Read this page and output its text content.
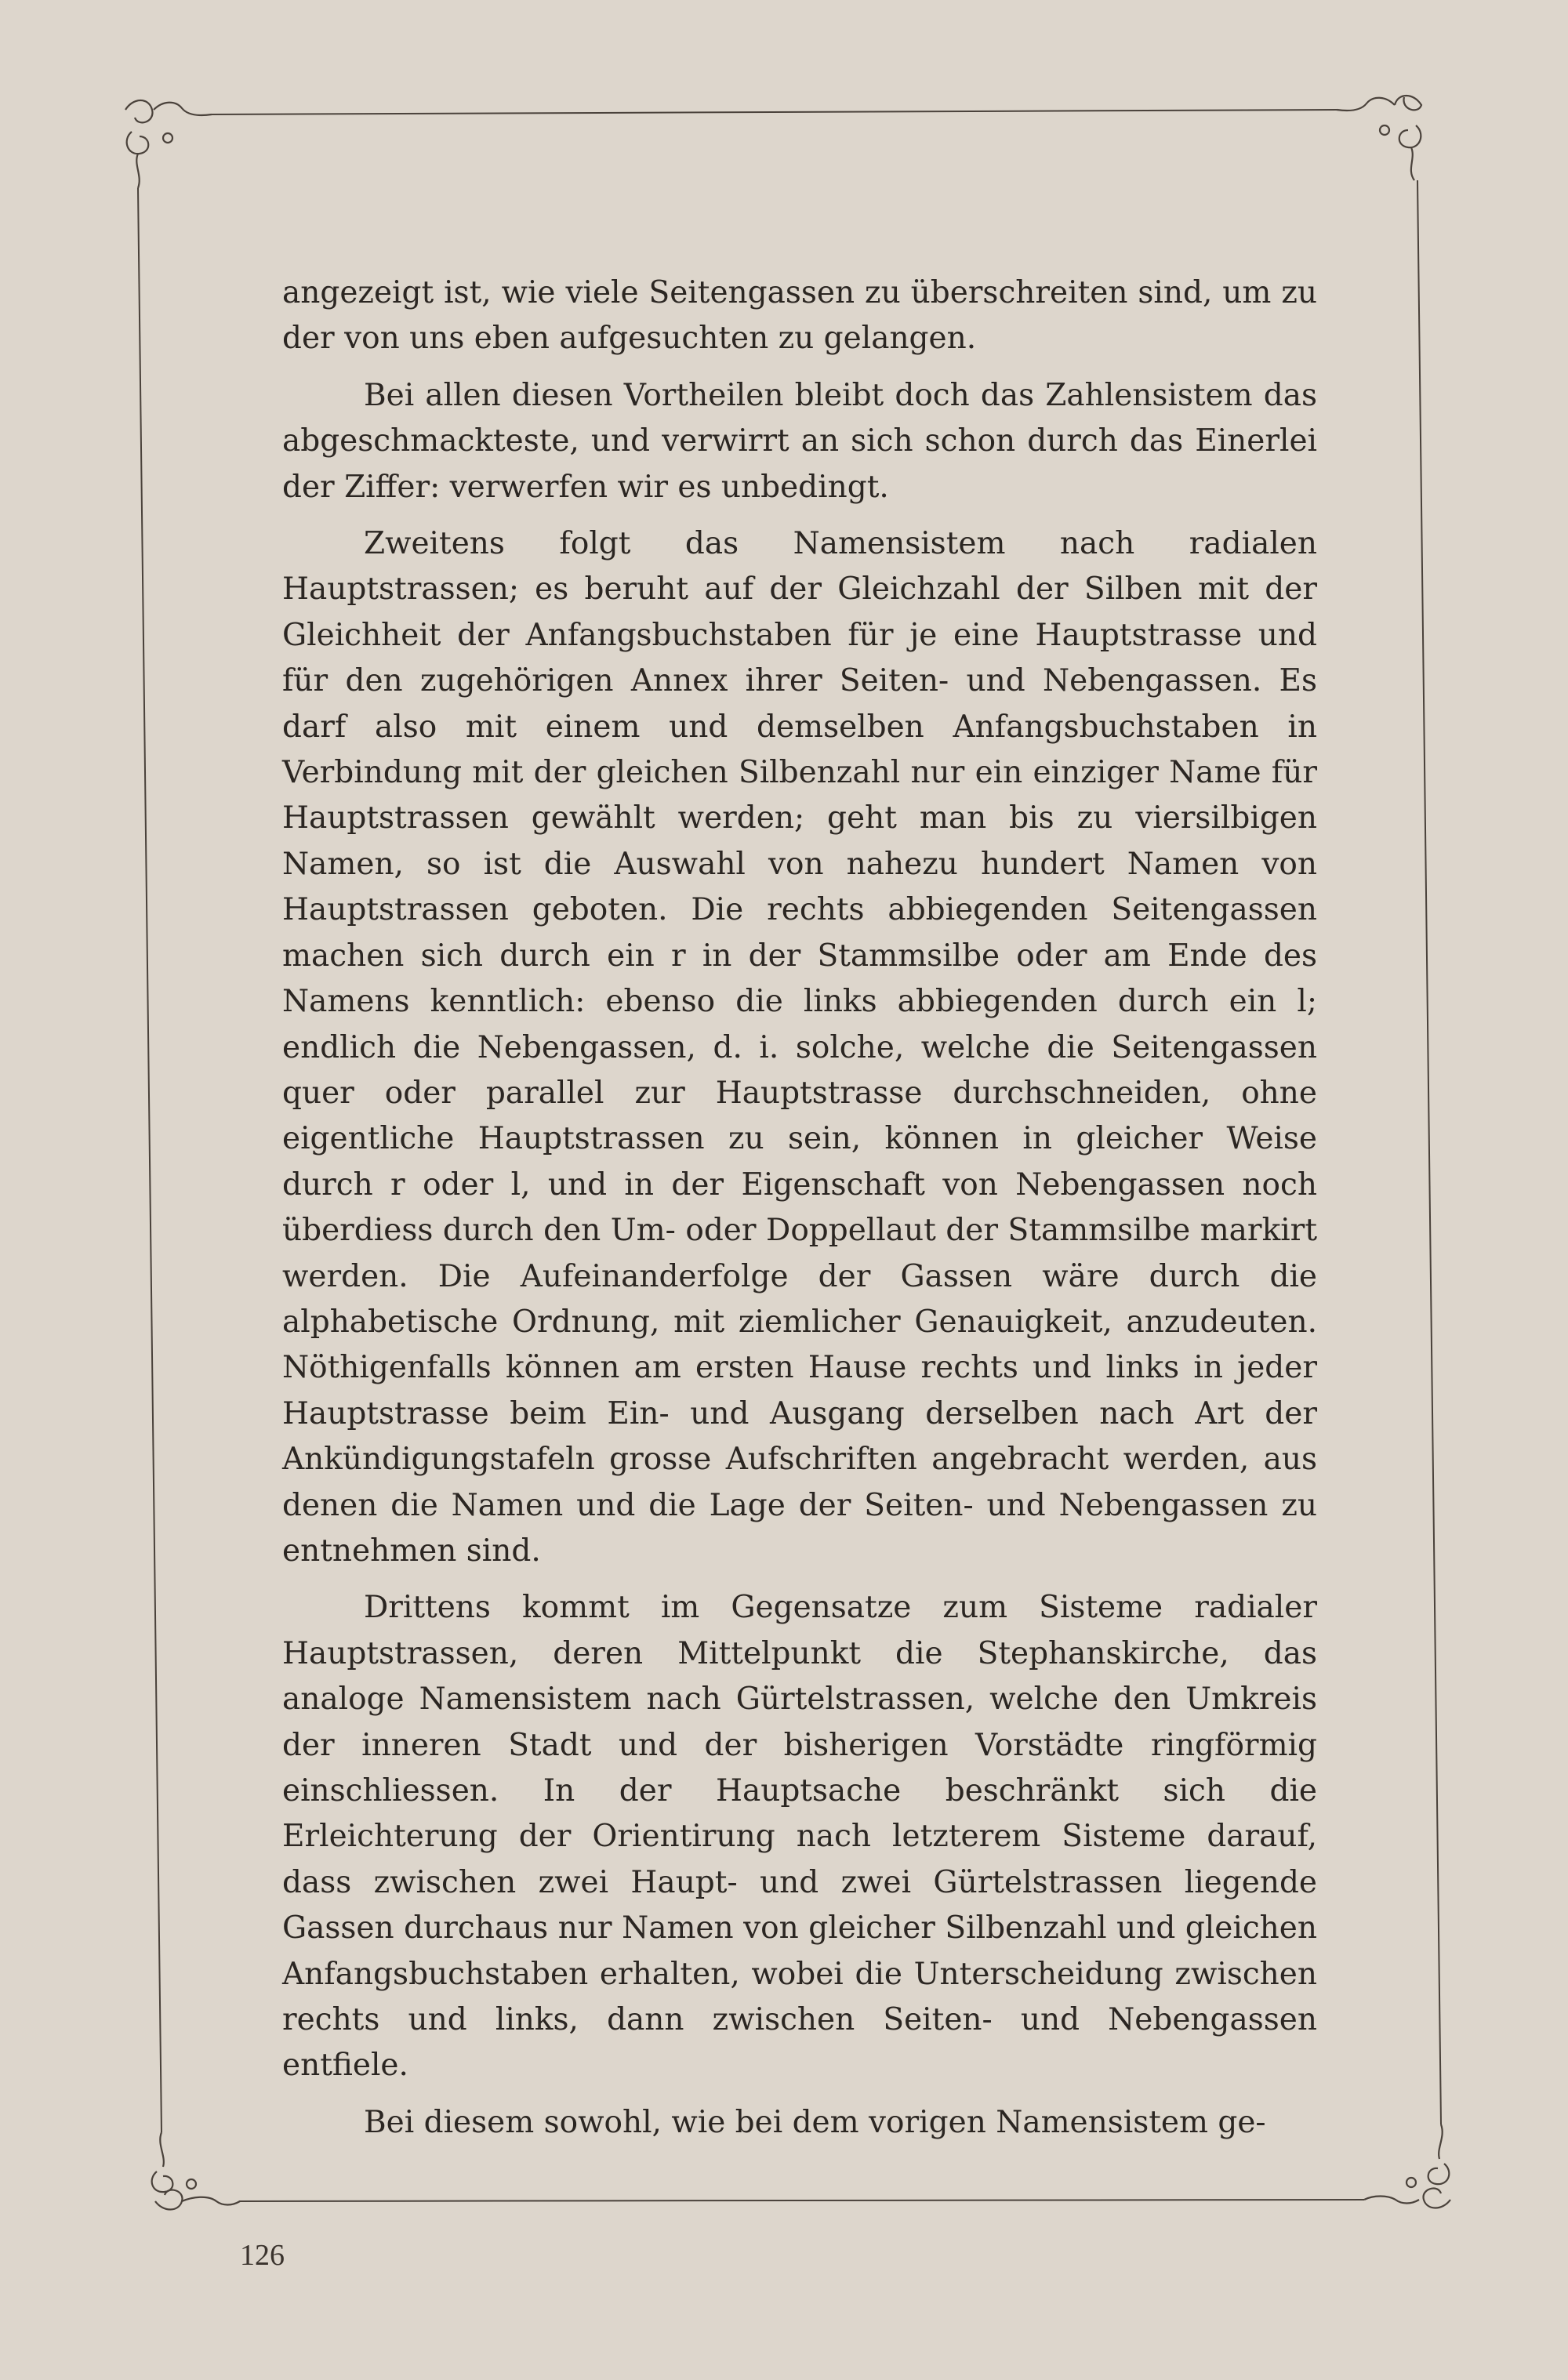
angezeigt ist, wie viele Seitengassen zu überschreiten sind, um zu der von uns eben aufgesuchten zu gelangen.

Bei allen diesen Vortheilen bleibt doch das Zahlensistem das abgeschmackteste, und verwirrt an sich schon durch das Einerlei der Ziffer: verwerfen wir es unbedingt.

Zweitens folgt das Namensistem nach radialen Hauptstrassen; es beruht auf der Gleichzahl der Silben mit der Gleichheit der Anfangsbuchstaben für je eine Hauptstrasse und für den zugehörigen Annex ihrer Seiten- und Nebengassen. Es darf also mit einem und demselben Anfangsbuchstaben in Verbindung mit der gleichen Silbenzahl nur ein einziger Name für Hauptstrassen gewählt werden; geht man bis zu viersilbigen Namen, so ist die Auswahl von nahezu hundert Namen von Hauptstrassen geboten. Die rechts abbiegenden Seitengassen machen sich durch ein r in der Stammsilbe oder am Ende des Namens kenntlich: ebenso die links abbiegenden durch ein l; endlich die Nebengassen, d. i. solche, welche die Seitengassen quer oder parallel zur Hauptstrasse durchschneiden, ohne eigentliche Hauptstrassen zu sein, können in gleicher Weise durch r oder l, und in der Eigenschaft von Nebengassen noch überdiess durch den Um- oder Doppellaut der Stammsilbe markirt werden. Die Aufeinanderfolge der Gassen wäre durch die alphabetische Ordnung, mit ziemlicher Genauigkeit, anzudeuten. Nöthigenfalls können am ersten Hause rechts und links in jeder Hauptstrasse beim Ein- und Ausgang derselben nach Art der Ankündigungstafeln grosse Aufschriften angebracht werden, aus denen die Namen und die Lage der Seiten- und Nebengassen zu entnehmen sind.

Drittens kommt im Gegensatze zum Sisteme radialer Hauptstrassen, deren Mittelpunkt die Stephanskirche, das analoge Namensistem nach Gürtelstrassen, welche den Umkreis der inneren Stadt und der bisherigen Vorstädte ringförmig einschliessen. In der Hauptsache beschränkt sich die Erleichterung der Orientirung nach letzterem Sisteme darauf, dass zwischen zwei Haupt- und zwei Gürtelstrassen liegende Gassen durchaus nur Namen von gleicher Silbenzahl und gleichen Anfangsbuchstaben erhalten, wobei die Unterscheidung zwischen rechts und links, dann zwischen Seiten- und Nebengassen entfiele.

Bei diesem sowohl, wie bei dem vorigen Namensistem ge-

126
